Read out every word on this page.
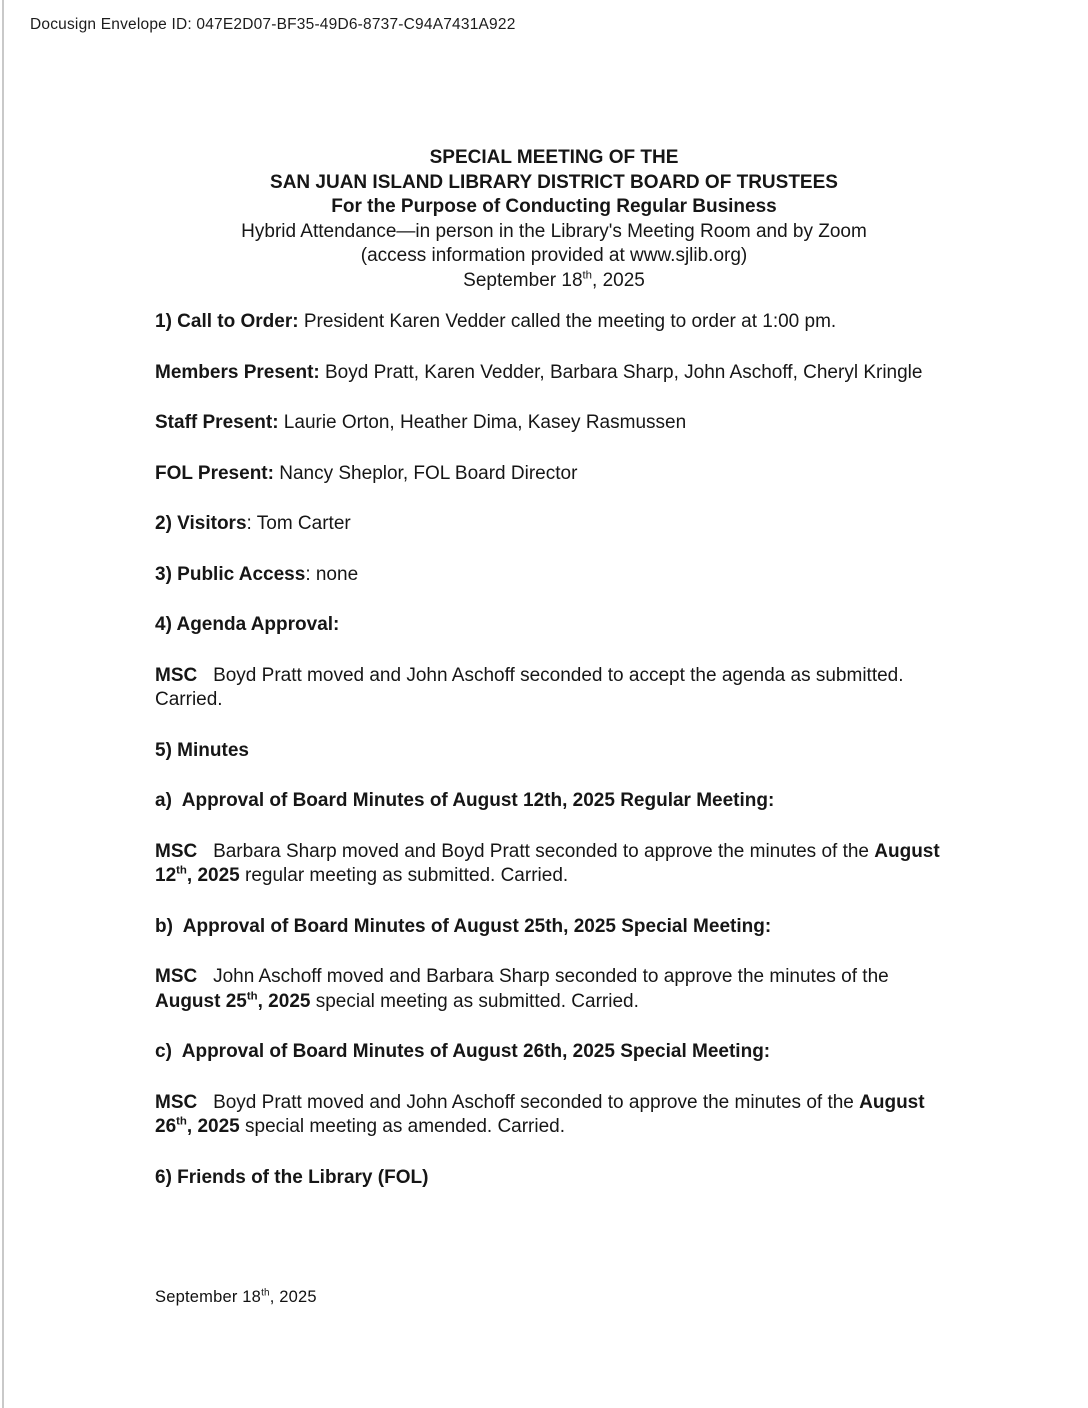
Docusign Envelope ID: 047E2D07-BF35-49D6-8737-C94A7431A922
SPECIAL MEETING OF THE
SAN JUAN ISLAND LIBRARY DISTRICT BOARD OF TRUSTEES
For the Purpose of Conducting Regular Business
Hybrid Attendance—in person in the Library's Meeting Room and by Zoom
(access information provided at www.sjlib.org)
September 18th, 2025

1) Call to Order: President Karen Vedder called the meeting to order at 1:00 pm.

Members Present: Boyd Pratt, Karen Vedder, Barbara Sharp, John Aschoff, Cheryl Kringle

Staff Present: Laurie Orton, Heather Dima, Kasey Rasmussen

FOL Present: Nancy Sheplor, FOL Board Director

2) Visitors: Tom Carter

3) Public Access: none

4) Agenda Approval:

MSC   Boyd Pratt moved and John Aschoff seconded to accept the agenda as submitted. Carried.

5) Minutes

a)  Approval of Board Minutes of August 12th, 2025 Regular Meeting:

MSC   Barbara Sharp moved and Boyd Pratt seconded to approve the minutes of the August 12th, 2025 regular meeting as submitted. Carried.

b)  Approval of Board Minutes of August 25th, 2025 Special Meeting:

MSC   John Aschoff moved and Barbara Sharp seconded to approve the minutes of the August 25th, 2025 special meeting as submitted. Carried.

c)  Approval of Board Minutes of August 26th, 2025 Special Meeting:

MSC   Boyd Pratt moved and John Aschoff seconded to approve the minutes of the August 26th, 2025 special meeting as amended. Carried.

6) Friends of the Library (FOL)

September 18th, 2025
